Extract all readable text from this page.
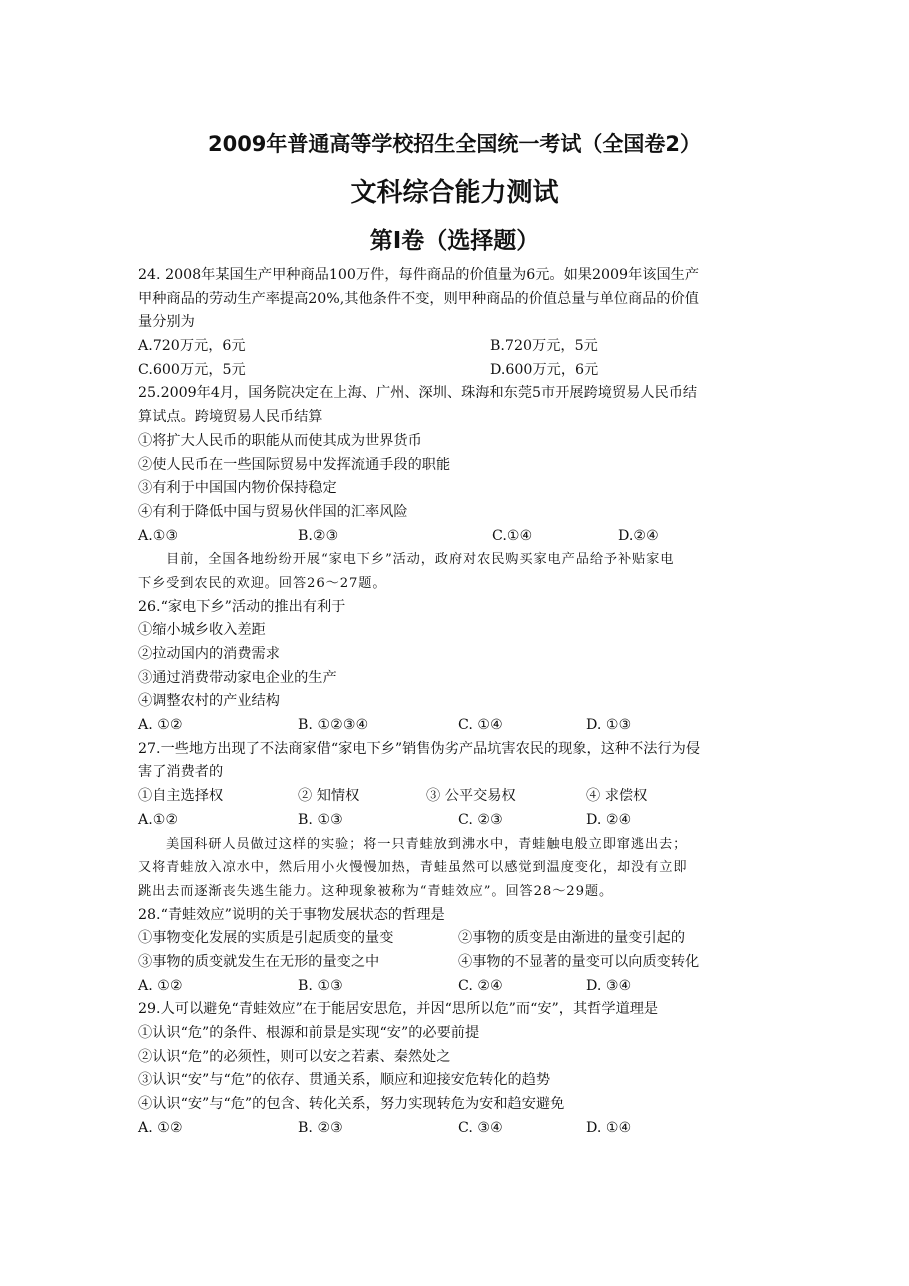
2009年普通高等学校招生全国统一考试（全国卷2）
文科综合能力测试
第I卷（选择题）
24. 2008年某国生产甲种商品100万件，每件商品的价值量为6元。如果2009年该国生产
甲种商品的劳动生产率提高20%,其他条件不变，则甲种商品的价值总量与单位商品的价值
量分别为
A.720万元，6元	B.720万元，5元
C.600万元，5元	D.600万元，6元
25.2009年4月，国务院决定在上海、广州、深圳、珠海和东莞5市开展跨境贸易人民币结
算试点。跨境贸易人民币结算
①将扩大人民币的职能从而使其成为世界货币
②使人民币在一些国际贸易中发挥流通手段的职能
③有利于中国国内物价保持稳定
④有利于降低中国与贸易伙伴国的汇率风险
A.①③	B.②③	C.①④	D.②④
目前，全国各地纷纷开展“家电下乡”活动，政府对农民购买家电产品给予补贴家电
下乡受到农民的欢迎。回答26～27题。
26.“家电下乡”活动的推出有利于
①缩小城乡收入差距
②拉动国内的消费需求
③通过消费带动家电企业的生产
④调整农村的产业结构
A. ①②	B. ①②③④	C. ①④	D. ①③
27.一些地方出现了不法商家借“家电下乡”销售伪劣产品坑害农民的现象，这种不法行为侵
害了消费者的
①自主选择权	② 知情权	③ 公平交易权	④ 求偿权
A.①②	B. ①③	C. ②③	D. ②④
美国科研人员做过这样的实验；将一只青蛙放到沸水中，青蛙触电般立即窜逃出去；
又将青蛙放入凉水中，然后用小火慢慢加热，青蛙虽然可以感觉到温度变化，却没有立即
跳出去而逐渐丧失逃生能力。这种现象被称为“青蛙效应”。回答28～29题。
28.“青蛙效应”说明的关于事物发展状态的哲理是
①事物变化发展的实质是引起质变的量变	②事物的质变是由渐进的量变引起的
③事物的质变就发生在无形的量变之中	④事物的不显著的量变可以向质变转化
A. ①②	B. ①③	C. ②④	D. ③④
29.人可以避免“青蛙效应”在于能居安思危，并因“思所以危”而“安”，其哲学道理是
①认识“危”的条件、根源和前景是实现“安”的必要前提
②认识“危”的必须性，则可以安之若素、秦然处之
③认识“安”与“危”的依存、贯通关系，顺应和迎接安危转化的趋势
④认识“安”与“危”的包含、转化关系，努力实现转危为安和趋安避免
A. ①②	B. ②③	C. ③④	D. ①④
